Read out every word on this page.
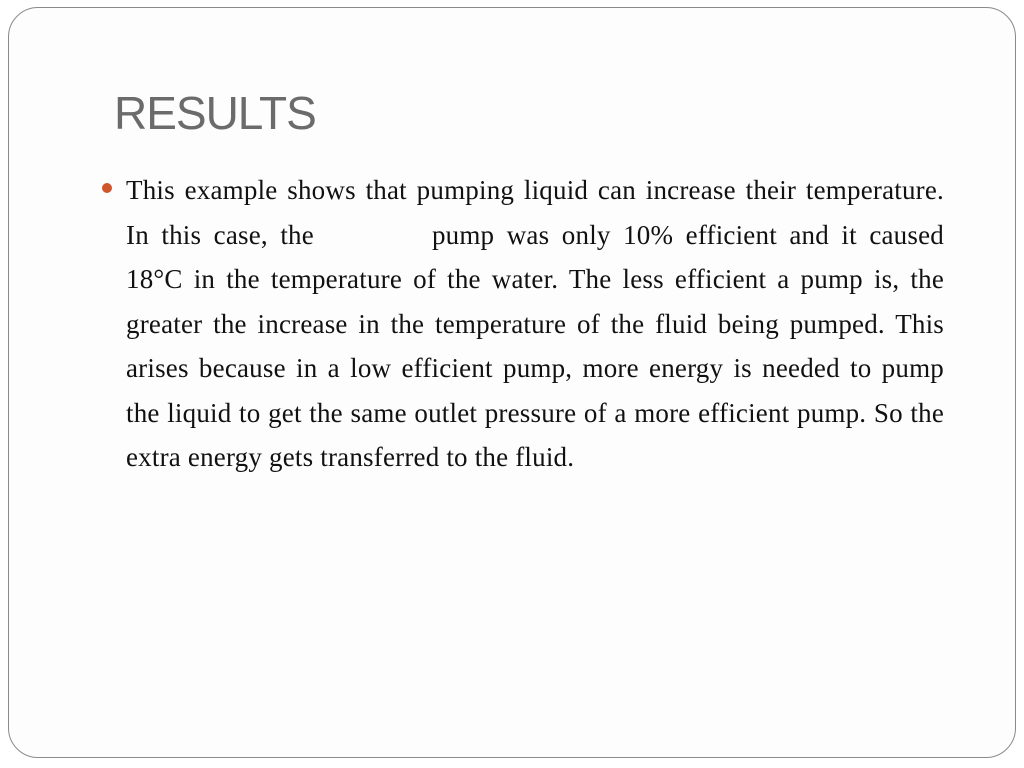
RESULTS

This example shows that pumping liquid can increase their temperature. In this case, the	pump was only 10% efficient and it caused 18°C in the temperature of the water. The less efficient a pump is, the greater the increase in the temperature of the fluid being pumped. This arises because in a low efficient pump, more energy is needed to pump the liquid to get the same outlet pressure of a more efficient pump. So the extra energy gets transferred to the fluid.
